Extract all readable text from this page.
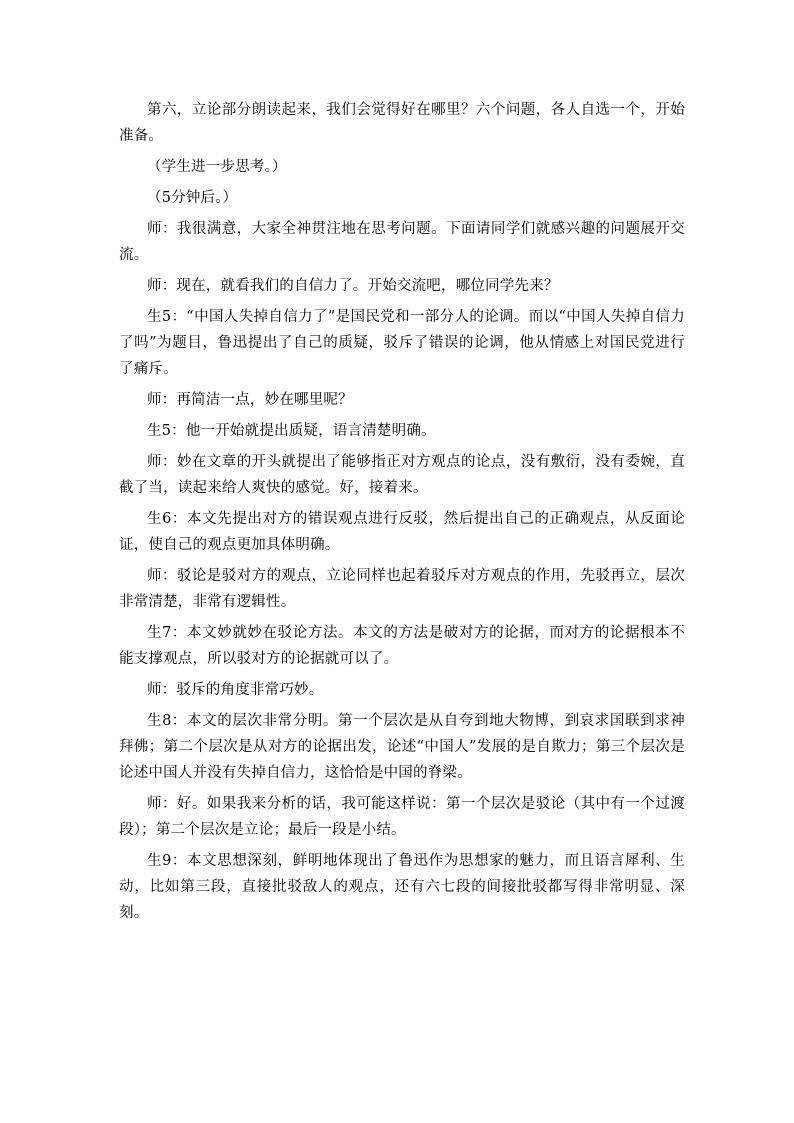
第六，立论部分朗读起来，我们会觉得好在哪里？六个问题，各人自选一个，开始准备。

（学生进一步思考。）

（5分钟后。）

师：我很满意，大家全神贯注地在思考问题。下面请同学们就感兴趣的问题展开交流。

师：现在，就看我们的自信力了。开始交流吧，哪位同学先来？

生5：“中国人失掉自信力了”是国民党和一部分人的论调。而以“中国人失掉自信力了吗”为题目，鲁迅提出了自己的质疑，驳斥了错误的论调，他从情感上对国民党进行了痛斥。

师：再简洁一点，妙在哪里呢？

生5：他一开始就提出质疑，语言清楚明确。

师：妙在文章的开头就提出了能够指正对方观点的论点，没有敷衍，没有委婉，直截了当，读起来给人爽快的感觉。好，接着来。

生6：本文先提出对方的错误观点进行反驳，然后提出自己的正确观点，从反面论证，使自己的观点更加具体明确。

师：驳论是驳对方的观点，立论同样也起着驳斥对方观点的作用，先驳再立，层次非常清楚，非常有逻辑性。

生7：本文妙就妙在驳论方法。本文的方法是破对方的论据，而对方的论据根本不能支撑观点，所以驳对方的论据就可以了。

师：驳斥的角度非常巧妙。

生8：本文的层次非常分明。第一个层次是从自夸到地大物博，到哀求国联到求神拜佛；第二个层次是从对方的论据出发，论述“中国人”发展的是自欺力；第三个层次是论述中国人并没有失掉自信力，这恰恰是中国的脊梁。

师：好。如果我来分析的话，我可能这样说：第一个层次是驳论（其中有一个过渡段）；第二个层次是立论；最后一段是小结。

生9：本文思想深刻，鲜明地体现出了鲁迅作为思想家的魅力，而且语言犀利、生动，比如第三段，直接批驳敌人的观点，还有六七段的间接批驳都写得非常明显、深刻。
